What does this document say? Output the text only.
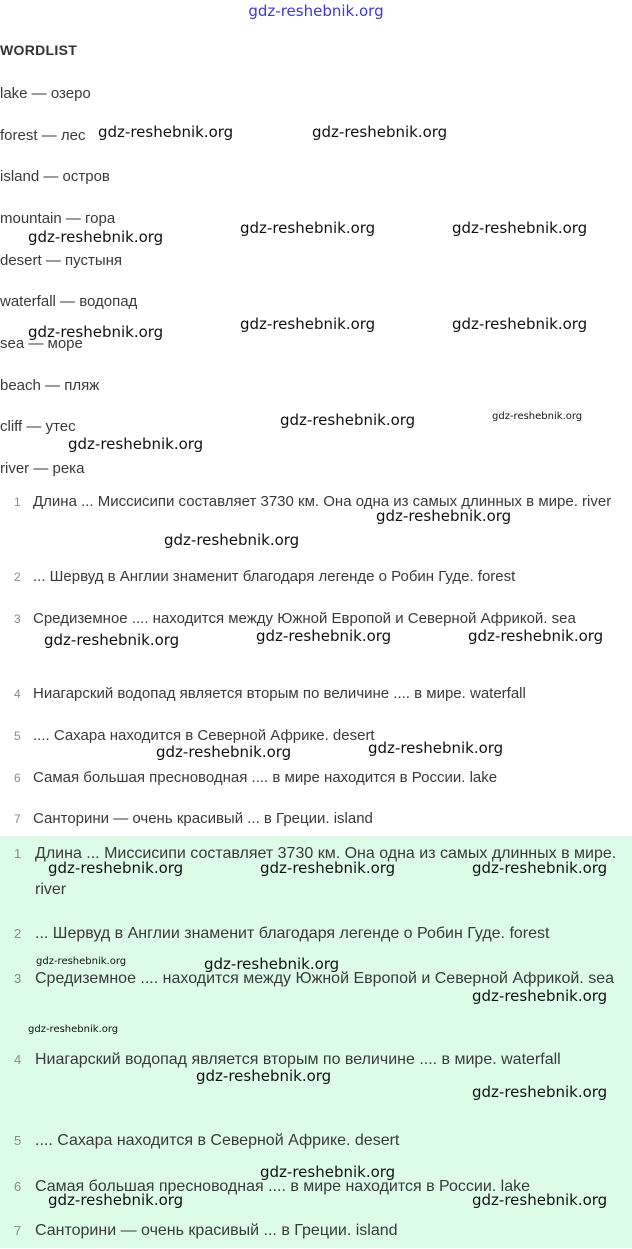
gdz-reshebnik.org
WORDLIST
lake — озеро
forest — лес
island — остров
mountain — гора
desert — пустыня
waterfall — водопад
sea — море
beach — пляж
cliff — утес
river — река
1 Длина ... Миссисипи составляет 3730 км. Она одна из самых длинных в мире. river
2 ... Шервуд в Англии знаменит благодаря легенде о Робин Гуде. forest
3 Средиземное .... находится между Южной Европой и Северной Африкой. sea
4 Ниагарский водопад является вторым по величине .... в мире. waterfall
5 .... Сахара находится в Северной Африке. desert
6 Самая большая пресноводная .... в мире находится в России. lake
7 Санторини — очень красивый ... в Греции. island
1 Длина ... Миссисипи составляет 3730 км. Она одна из самых длинных в мире. river
2 ... Шервуд в Англии знаменит благодаря легенде о Робин Гуде. forest
3 Средиземное .... находится между Южной Европой и Северной Африкой. sea
4 Ниагарский водопад является вторым по величине .... в мире. waterfall
5 .... Сахара находится в Северной Африке. desert
6 Самая большая пресноводная .... в мире находится в России. lake
7 Санторини — очень красивый ... в Греции. island
gdz-reshebnik.org	gdz-reshebnik.org
gdz-reshebnik.org	gdz-reshebnik.org	gdz-reshebnik.org
gdz-reshebnik.org	gdz-reshebnik.org	gdz-reshebnik.org
gdz-reshebnik.org	gdz-reshebnik.org
gdz-reshebnik.org
gdz-reshebnik.org
gdz-reshebnik.org
gdz-reshebnik.org	gdz-reshebnik.org	gdz-reshebnik.org
gdz-reshebnik.org	gdz-reshebnik.org
gdz-reshebnik.org	gdz-reshebnik.org	gdz-reshebnik.org
gdz-reshebnik.org	gdz-reshebnik.org
gdz-reshebnik.org
gdz-reshebnik.org
gdz-reshebnik.org
gdz-reshebnik.org
gdz-reshebnik.org
gdz-reshebnik.org	gdz-reshebnik.org
